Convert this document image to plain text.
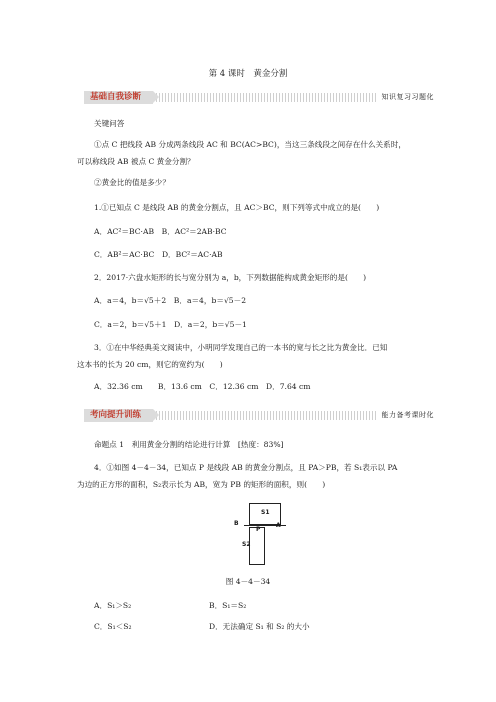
第 4 课时　黄金分割
基础自我诊断	知识复习习题化
关键问答
①点 C 把线段 AB 分成两条线段 AC 和 BC(AC>BC)，当这三条线段之间存在什么关系时，
可以称线段 AB 被点 C 黄金分割？
②黄金比的值是多少？
1.①已知点 C 是线段 AB 的黄金分割点，且 AC＞BC，则下列等式中成立的是(　　)
A．AC²＝BC·AB　B．AC²＝2AB·BC
C．AB²＝AC·BC　D．BC²＝AC·AB
2．2017·六盘水矩形的长与宽分别为 a，b，下列数据能构成黄金矩形的是(　　)
A．a＝4，b＝√5＋2　B．a＝4，b＝√5－2
C．a＝2，b＝√5＋1　D．a＝2，b＝√5－1
3．①在中华经典美文阅读中，小明同学发现自己的一本书的宽与长之比为黄金比．已知
这本书的长为 20 cm，则它的宽约为(　　)
A．32.36 cm　　B．13.6 cm　C．12.36 cm　D．7.64 cm
考向提升训练	能力备考课时化
命题点 1　利用黄金分割的结论进行计算　[热度：83%]
4．①如图 4－4－34，已知点 P 是线段 AB 的黄金分割点，且 PA＞PB，若 S₁表示以 PA
为边的正方形的面积，S₂表示长为 AB，宽为 PB 的矩形的面积，则(　　)
S1
S2
B
P
A
图 4－4－34
A．S₁＞S₂	B．S₁＝S₂
C．S₁＜S₂	D．无法确定 S₁ 和 S₂ 的大小
